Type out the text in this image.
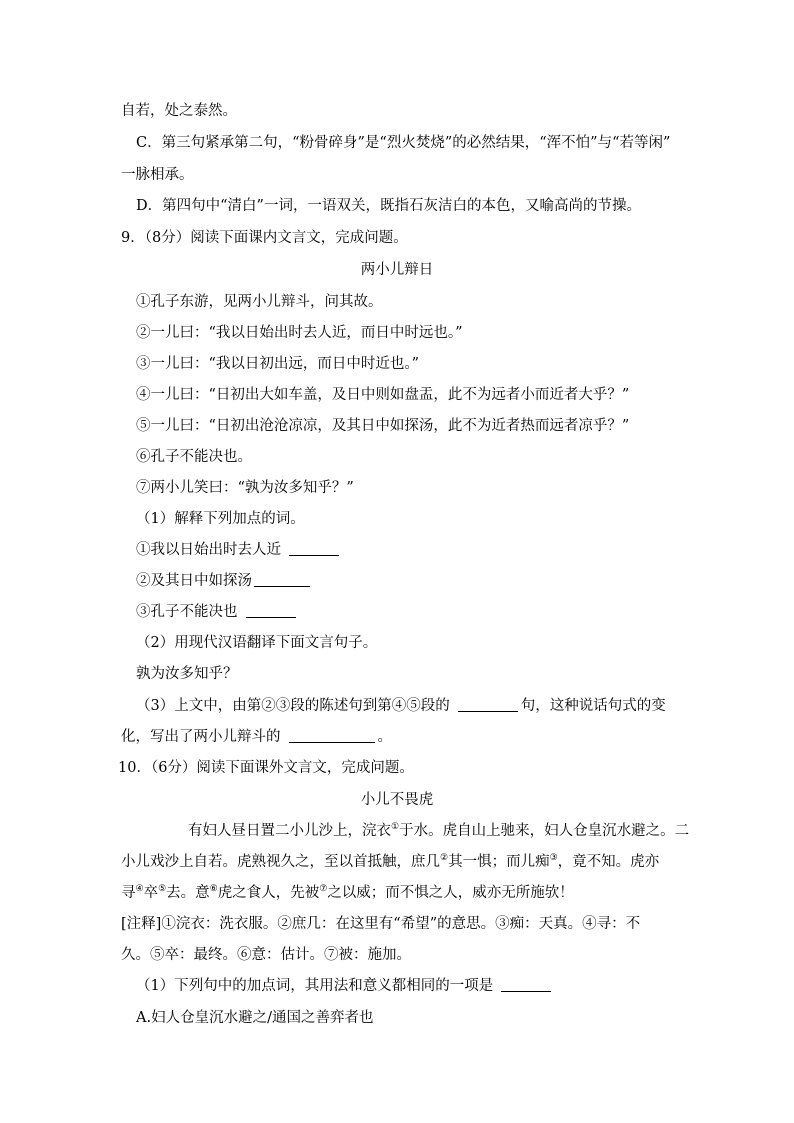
自若，处之泰然。
C．第三句紧承第二句，“粉骨碎身”是“烈火焚烧”的必然结果，“浑不怕”与“若等闲”
一脉相承。
D．第四句中“清白”一词，一语双关，既指石灰洁白的本色，又喻高尚的节操。
9．（8分）阅读下面课内文言文，完成问题。
两小儿辩日
①孔子东游，见两小儿辩斗，问其故。
②一儿曰：“我以日始出时去人近，而日中时远也。”
③一儿曰：“我以日初出远，而日中时近也。”
④一儿曰：“日初出大如车盖，及日中则如盘盂，此不为远者小而近者大乎？”
⑤一儿曰：“日初出沧沧凉凉，及其日中如探汤，此不为近者热而远者凉乎？”
⑥孔子不能决也。
⑦两小儿笑曰：“孰为汝多知乎？”
（1）解释下列加点的词。
①我以日始出时去人近
②及其日中如探汤
③孔子不能决也
（2）用现代汉语翻译下面文言句子。
孰为汝多知乎？
（3）上文中，由第②③段的陈述句到第④⑤段的	句，这种说话句式的变
化，写出了两小儿辩斗的	。
10．（6分）阅读下面课外文言文，完成问题。
小儿不畏虎
有妇人昼日置二小儿沙上，浣衣①于水。虎自山上驰来，妇人仓皇沉水避之。二
小儿戏沙上自若。虎熟视久之，至以首抵触，庶几②其一惧；而儿痴③，竟不知。虎亦
寻④卒⑤去。意⑥虎之食人，先被⑦之以威；而不惧之人，威亦无所施欤！
[注释]①浣衣：洗衣服。②庶几：在这里有“希望”的意思。③痴：天真。④寻：不
久。⑤卒：最终。⑥意：估计。⑦被：施加。
（1）下列句中的加点词，其用法和意义都相同的一项是
A.妇人仓皇沉水避之/通国之善弈者也
